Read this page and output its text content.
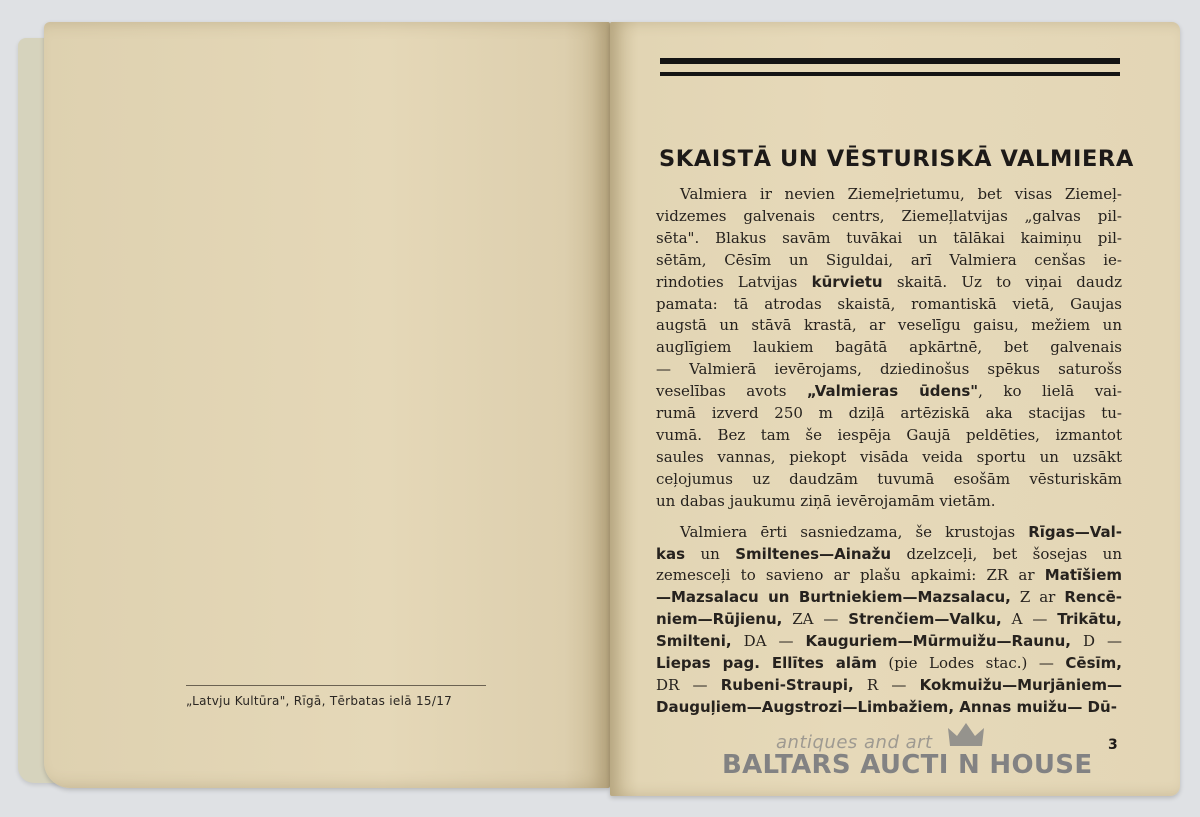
„Latvju Kultūra", Rīgā, Tērbatas ielā 15/17

SKAISTĀ UN VĒSTURISKĀ VALMIERA
Valmiera ir nevien Ziemeļrietumu, bet visas Ziemeļ-
vidzemes galvenais centrs, Ziemeļlatvijas „galvas pil-
sēta". Blakus savām tuvākai un tālākai kaimiņu pil-
sētām, Cēsīm un Siguldai, arī Valmiera cenšas ie-
rindoties Latvijas kūrvietu skaitā. Uz to viņai daudz
pamata: tā atrodas skaistā, romantiskā vietā, Gaujas
augstā un stāvā krastā, ar veselīgu gaisu, mežiem un
auglīgiem laukiem bagātā apkārtnē, bet galvenais
— Valmierā ievērojams, dziedinošus spēkus saturošs
veselības avots „Valmieras ūdens", ko lielā vai-
rumā izverd 250 m dziļā artēziskā aka stacijas tu-
vumā. Bez tam še iespēja Gaujā peldēties, izmantot
saules vannas, piekopt visāda veida sportu un uzsākt
ceļojumus uz daudzām tuvumā esošām vēsturiskām
un dabas jaukumu ziņā ievērojamām vietām.
Valmiera ērti sasniedzama, še krustojas Rīgas—Val-
kas un Smiltenes—Ainažu dzelzceļi, bet šosejas un
zemesceļi to savieno ar plašu apkaimi: ZR ar Matīšiem
—Mazsalacu un Burtniekiem—Mazsalacu, Z ar Rencē-
niem—Rūjienu, ZA — Strenčiem—Valku, A — Trikātu,
Smilteni, DA — Kauguriem—Mūrmuižu—Raunu, D —
Liepas pag. Ellītes alām (pie Lodes stac.) — Cēsīm,
DR — Rubeni-Straupi, R — Kokmuižu—Murjāniem—
Dauguļiem—Augstrozi—Limbažiem, Annas muižu— Dū-

3

antiques and art

BALTARS AUCTI N HOUSE
